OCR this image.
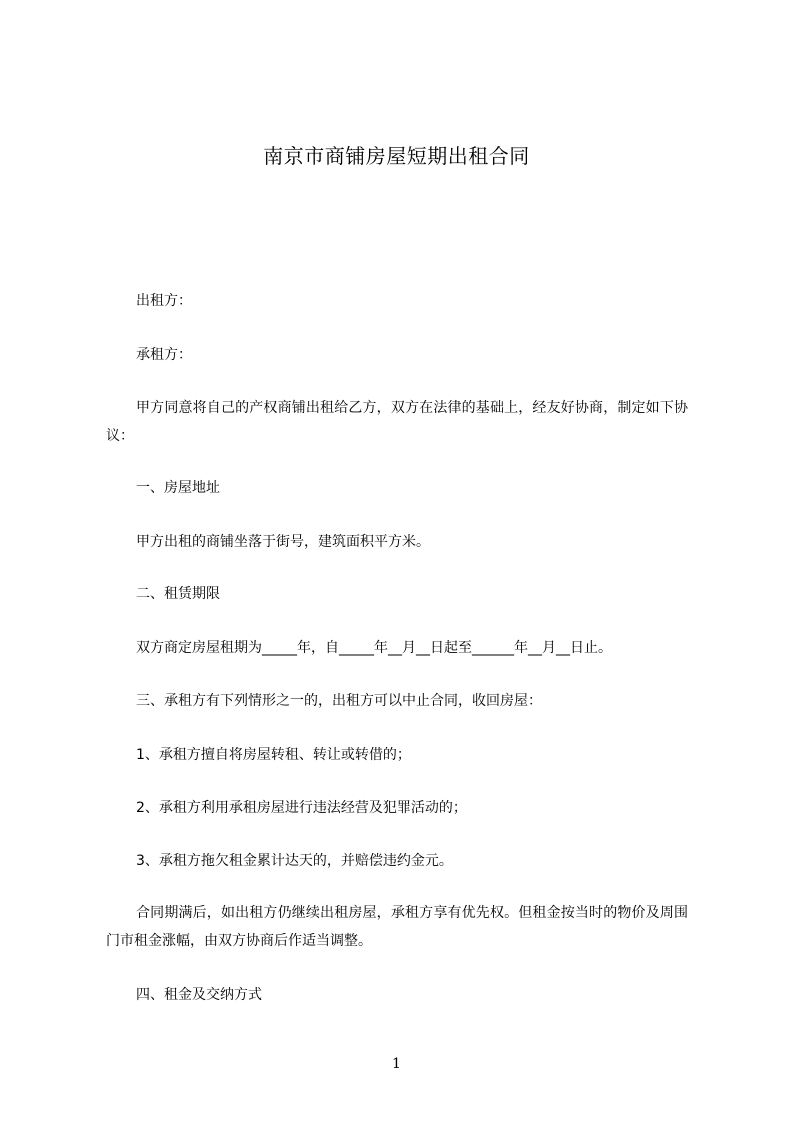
南京市商铺房屋短期出租合同
出租方：
承租方：
甲方同意将自己的产权商铺出租给乙方，双方在法律的基础上，经友好协商，制定如下协议：
一、房屋地址
甲方出租的商铺坐落于街号，建筑面积平方米。
二、租赁期限
双方商定房屋租期为_____年，自_____年__月__日起至______年__月__日止。
三、承租方有下列情形之一的，出租方可以中止合同，收回房屋：
1、承租方擅自将房屋转租、转让或转借的；
2、承租方利用承租房屋进行违法经营及犯罪活动的；
3、承租方拖欠租金累计达天的，并赔偿违约金元。
合同期满后，如出租方仍继续出租房屋，承租方享有优先权。但租金按当时的物价及周围门市租金涨幅，由双方协商后作适当调整。
四、租金及交纳方式
1
